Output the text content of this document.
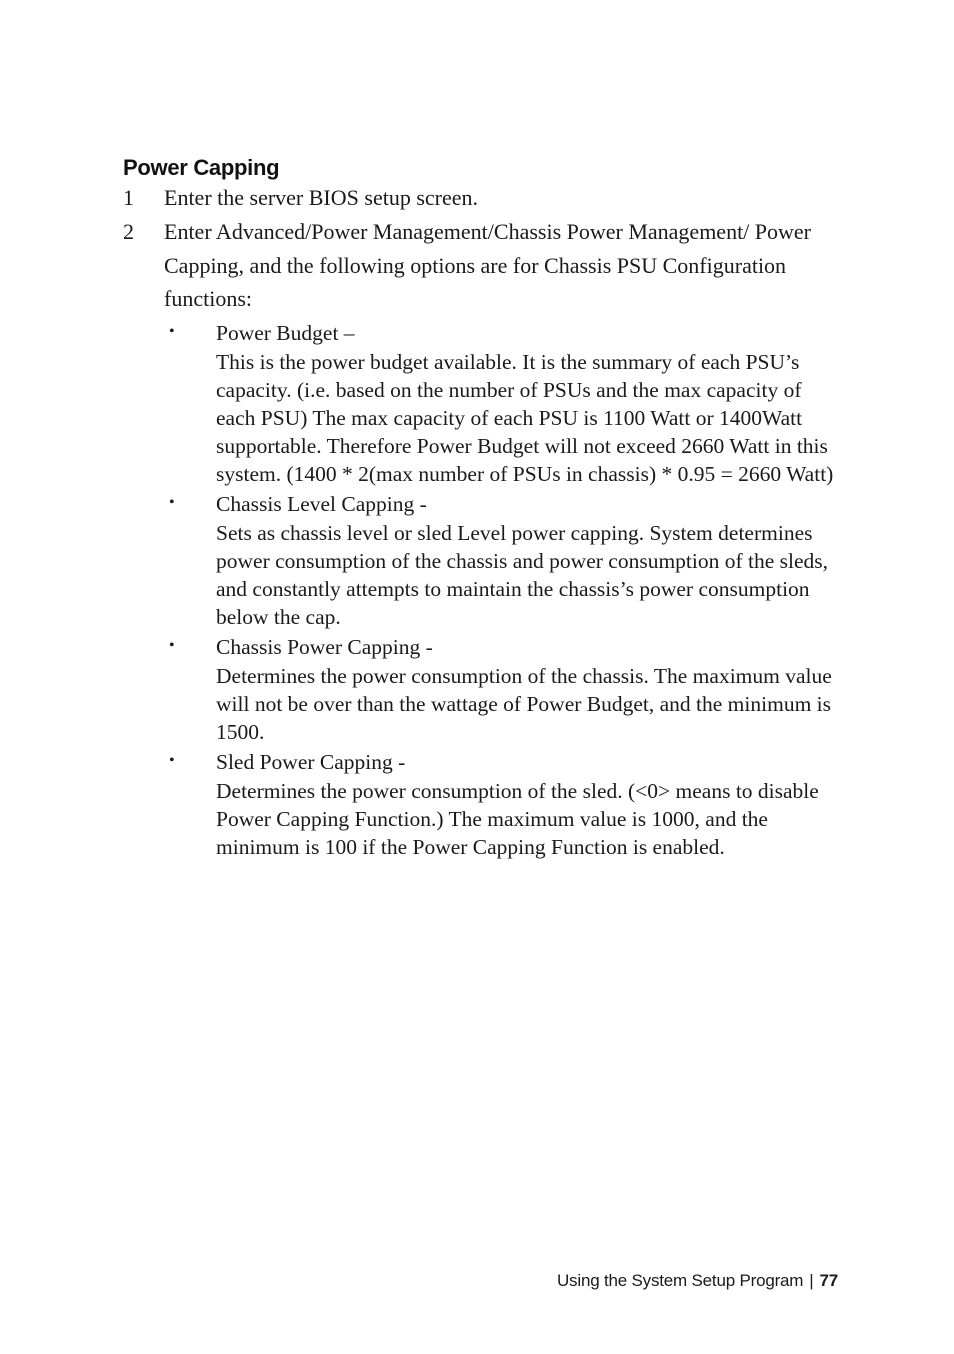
Power Capping
1	Enter the server BIOS setup screen.
2	Enter Advanced/Power Management/Chassis Power Management/ Power Capping, and the following options are for Chassis PSU Configuration functions:
• Power Budget –
This is the power budget available. It is the summary of each PSU’s capacity. (i.e. based on the number of PSUs and the max capacity of each PSU) The max capacity of each PSU is 1100 Watt or 1400Watt supportable. Therefore Power Budget will not exceed 2660 Watt in this system. (1400 * 2(max number of PSUs in chassis) * 0.95 = 2660 Watt)
• Chassis Level Capping -
Sets as chassis level or sled Level power capping. System determines power consumption of the chassis and power consumption of the sleds, and constantly attempts to maintain the chassis’s power consumption below the cap.
• Chassis Power Capping -
Determines the power consumption of the chassis. The maximum value will not be over than the wattage of Power Budget, and the minimum is 1500.
• Sled Power Capping -
Determines the power consumption of the sled. (<0> means to disable Power Capping Function.) The maximum value is 1000, and the minimum is 100 if the Power Capping Function is enabled.
Using the System Setup Program | 77
